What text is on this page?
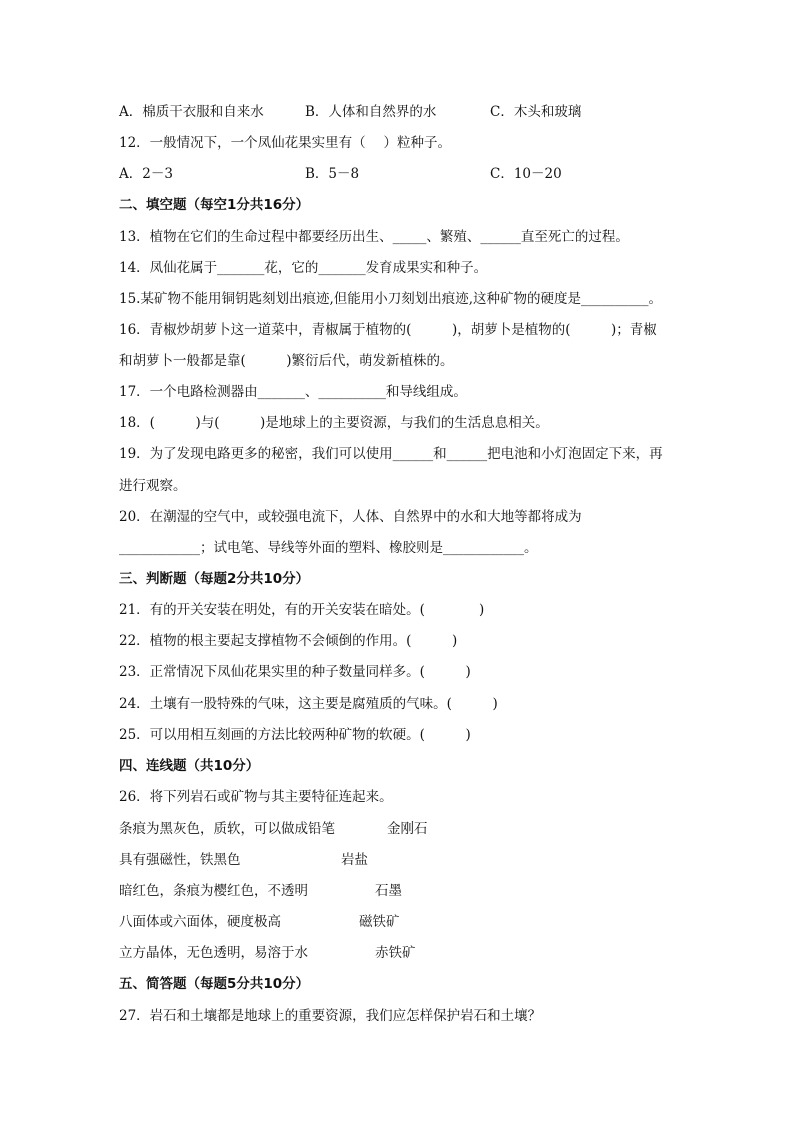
A．棉质干衣服和自来水	B．人体和自然界的水	C．木头和玻璃
12．一般情况下，一个凤仙花果实里有（　 ）粒种子。
A．2－3	B．5－8	C．10－20
二、填空题（每空1分共16分）
13．植物在它们的生命过程中都要经历出生、_____、繁殖、______直至死亡的过程。
14．凤仙花属于_______花，它的_______发育成果实和种子。
15.某矿物不能用铜钥匙刻划出痕迹,但能用小刀刻划出痕迹,这种矿物的硬度是__________。
16．青椒炒胡萝卜这一道菜中，青椒属于植物的(　　　)，胡萝卜是植物的(　　　)；青椒
和胡萝卜一般都是靠(　　　)繁衍后代，萌发新植株的。
17．一个电路检测器由_______、__________和导线组成。
18．(　　　)与(　　　)是地球上的主要资源，与我们的生活息息相关。
19．为了发现电路更多的秘密，我们可以使用______和______把电池和小灯泡固定下来，再
进行观察。
20．在潮湿的空气中，或较强电流下，人体、自然界中的水和大地等都将成为
____________；试电笔、导线等外面的塑料、橡胶则是____________。
三、判断题（每题2分共10分）
21．有的开关安装在明处，有的开关安装在暗处。(　　　　)
22．植物的根主要起支撑植物不会倾倒的作用。(　　　)
23．正常情况下凤仙花果实里的种子数量同样多。(　　　)
24．土壤有一股特殊的气味，这主要是腐殖质的气味。(　　　)
25．可以用相互刻画的方法比较两种矿物的软硬。(　　　)
四、连线题（共10分）
26．将下列岩石或矿物与其主要特征连起来。
条痕为黑灰色，质软，可以做成铅笔	金刚石
具有强磁性，铁黑色	岩盐
暗红色，条痕为樱红色，不透明	石墨
八面体或六面体，硬度极高	磁铁矿
立方晶体，无色透明，易溶于水	赤铁矿
五、简答题（每题5分共10分）
27．岩石和土壤都是地球上的重要资源，我们应怎样保护岩石和土壤？
